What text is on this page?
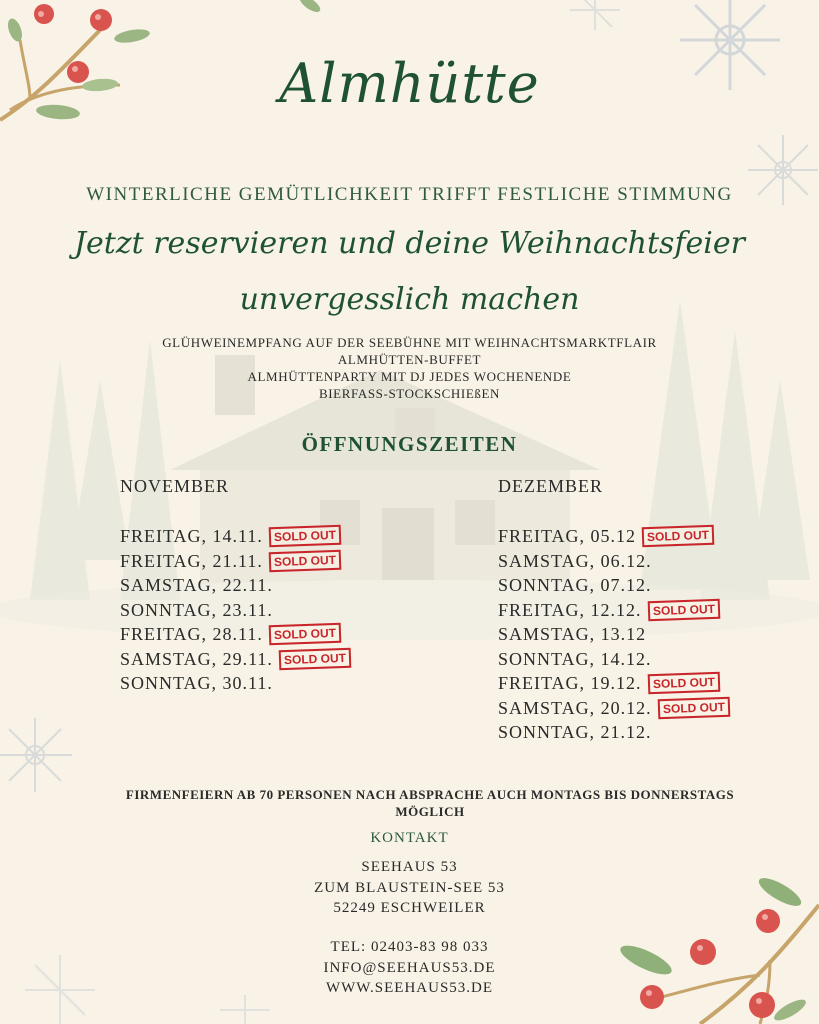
Almhütte
WINTERLICHE GEMÜTLICHKEIT TRIFFT FESTLICHE STIMMUNG
Jetzt reservieren und deine Weihnachtsfeier
unvergesslich machen
GLÜHWEINEMPFANG AUF DER SEEBÜHNE MIT WEIHNACHTSMARKTFLAIR
ALMHÜTTEN-BUFFET
ALMHÜTTENPARTY MIT DJ JEDES WOCHENENDE
BIERFASS-STOCKSCHIEßEN
ÖFFNUNGSZEITEN
NOVEMBER
FREITAG, 14.11. SOLD OUT
FREITAG, 21.11. SOLD OUT
SAMSTAG, 22.11.
SONNTAG, 23.11.
FREITAG, 28.11. SOLD OUT
SAMSTAG, 29.11. SOLD OUT
SONNTAG, 30.11.
DEZEMBER
FREITAG, 05.12 SOLD OUT
SAMSTAG, 06.12.
SONNTAG, 07.12.
FREITAG, 12.12. SOLD OUT
SAMSTAG, 13.12
SONNTAG, 14.12.
FREITAG, 19.12. SOLD OUT
SAMSTAG, 20.12. SOLD OUT
SONNTAG, 21.12.
FIRMENFEIERN AB 70 PERSONEN NACH ABSPRACHE AUCH MONTAGS BIS DONNERSTAGS
MÖGLICH
KONTAKT
SEEHAUS 53
ZUM BLAUSTEIN-SEE 53
52249 ESCHWEILER
TEL: 02403-83 98 033
INFO@SEEHAUS53.DE
WWW.SEEHAUS53.DE
